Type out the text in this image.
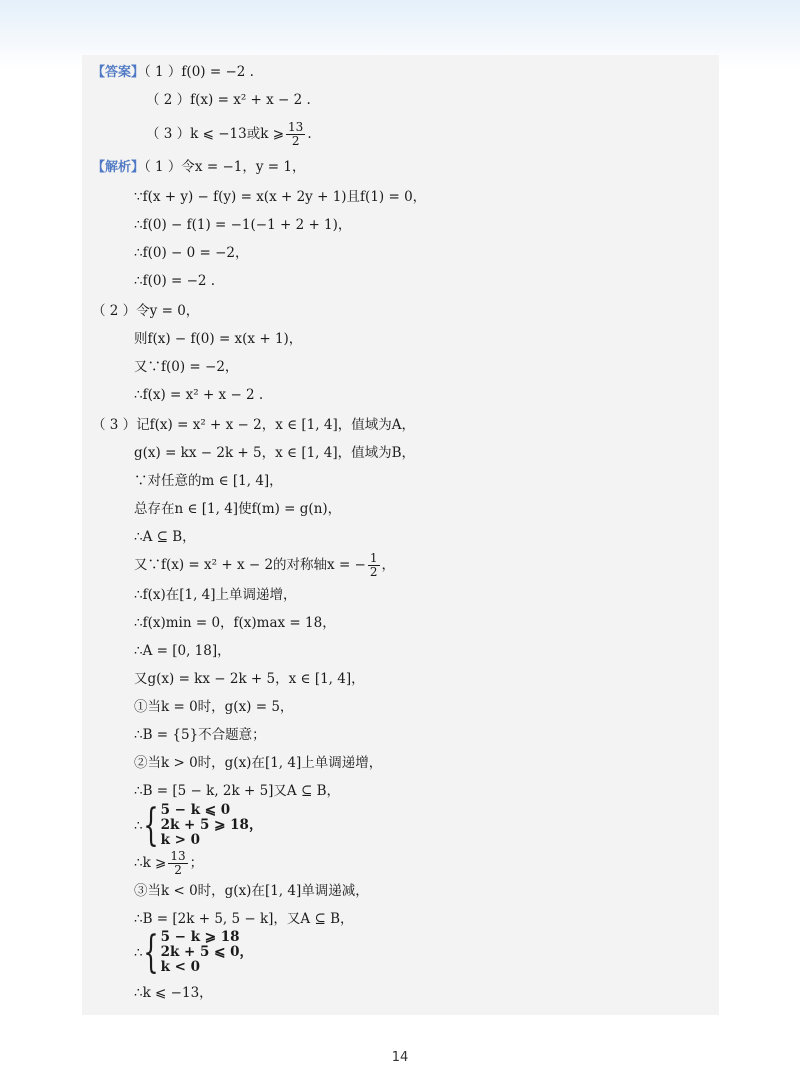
【答案】（ 1 ）f(0) = −2 .
（ 2 ）f(x) = x² + x − 2 .
（ 3 ）k ⩽ −13或k ⩾ $\frac{13}{2}$ .
【解析】（ 1 ）令x = −1，y = 1，
∵f(x + y) − f(y) = x(x + 2y + 1)且f(1) = 0，
∴f(0) − f(1) = −1(−1 + 2 + 1)，
∴f(0) − 0 = −2，
∴f(0) = −2 .
（ 2 ）令y = 0，
则f(x) − f(0) = x(x + 1)，
又∵f(0) = −2，
∴f(x) = x² + x − 2 .
（ 3 ）记f(x) = x² + x − 2，x ∈ [1, 4]，值域为A，
g(x) = kx − 2k + 5，x ∈ [1, 4]，值域为B，
∵对任意的m ∈ [1, 4]，
总存在n ∈ [1, 4]使f(m) = g(n)，
∴A ⊆ B，
又∵f(x) = x² + x − 2的对称轴x = − $\frac{1}{2}$ ，
∴f(x)在[1, 4]上单调递增，
∴f(x)min = 0，f(x)max = 18，
∴A = [0, 18]，
又g(x) = kx − 2k + 5，x ∈ [1, 4]，
①当k = 0时，g(x) = 5，
∴B = {5}不合题意；
②当k > 0时，g(x)在[1, 4]上单调递增，
∴B = [5 − k, 2k + 5]又A ⊆ B，
∴ { 5 − k ⩽ 0
2k + 5 ⩾ 18，
k > 0
∴k ⩾ $\frac{13}{2}$ ；
③当k < 0时，g(x)在[1, 4]单调递减，
∴B = [2k + 5, 5 − k]，又A ⊆ B，
∴ { 5 − k ⩾ 18
2k + 5 ⩽ 0，
k < 0
∴k ⩽ −13，
14
